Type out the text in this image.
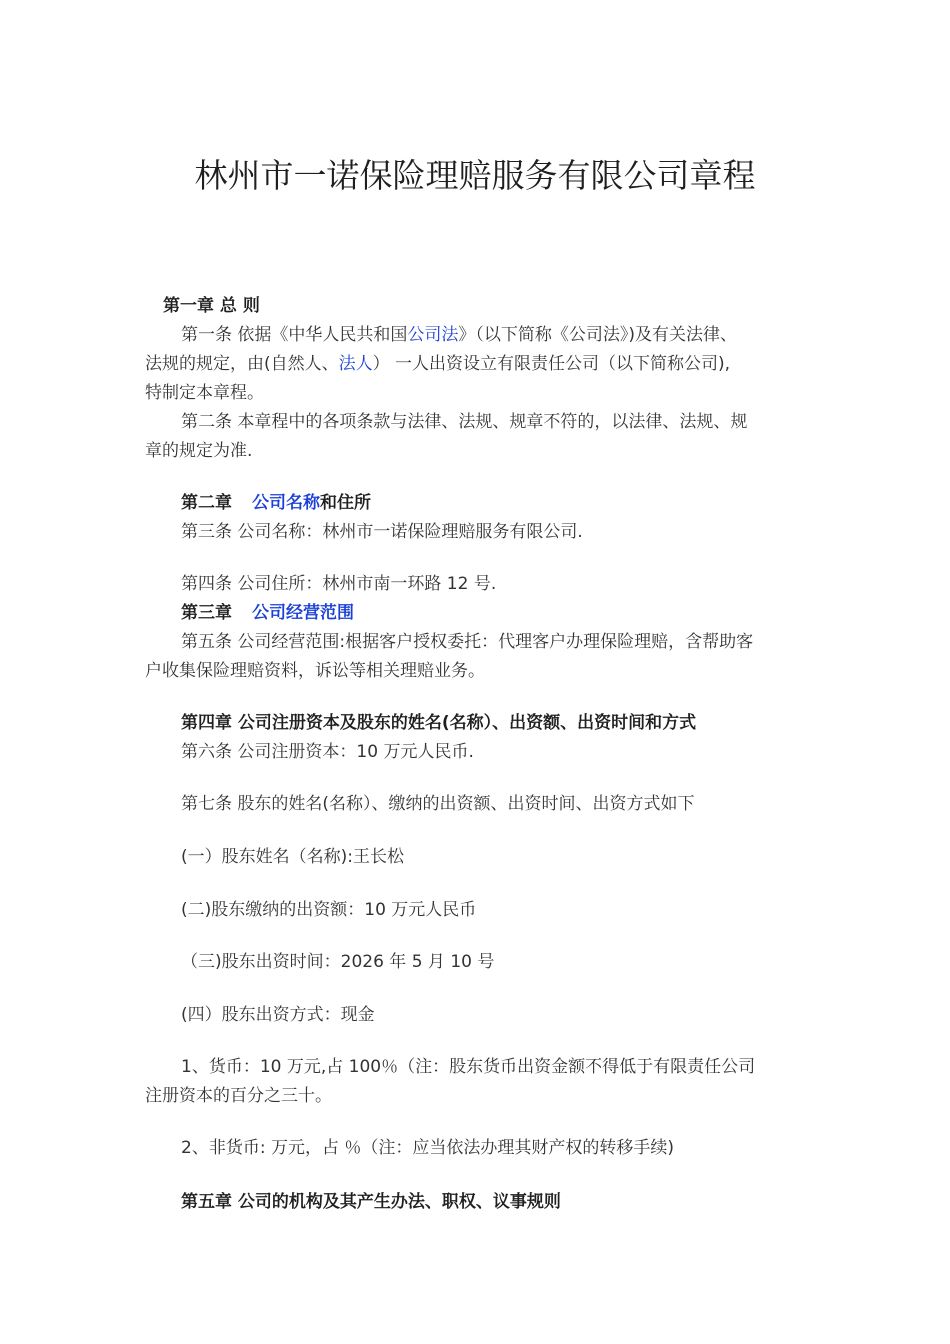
林州市一诺保险理赔服务有限公司章程
第一章 总 则
第一条 依据《中华人民共和国公司法》（以下简称《公司法》)及有关法律、
法规的规定，由(自然人、法人） 一人出资设立有限责任公司（以下简称公司),
特制定本章程。
第二条 本章程中的各项条款与法律、法规、规章不符的，以法律、法规、规
章的规定为准.
第二章 公司名称和住所
第三条 公司名称：林州市一诺保险理赔服务有限公司.
第四条 公司住所：林州市南一环路 12 号.
第三章 公司经营范围
第五条 公司经营范围:根据客户授权委托：代理客户办理保险理赔，含帮助客
户收集保险理赔资料，诉讼等相关理赔业务。
第四章 公司注册资本及股东的姓名(名称）、出资额、出资时间和方式
第六条 公司注册资本：10 万元人民币.
第七条 股东的姓名(名称）、缴纳的出资额、出资时间、出资方式如下
(一）股东姓名（名称):王长松
(二)股东缴纳的出资额：10 万元人民币
（三)股东出资时间：2026 年 5 月 10 号
(四）股东出资方式：现金
1、货币：10 万元,占 100％（注：股东货币出资金额不得低于有限责任公司
注册资本的百分之三十。
2、非货币: 万元，占 ％（注：应当依法办理其财产权的转移手续)
第五章 公司的机构及其产生办法、职权、议事规则
